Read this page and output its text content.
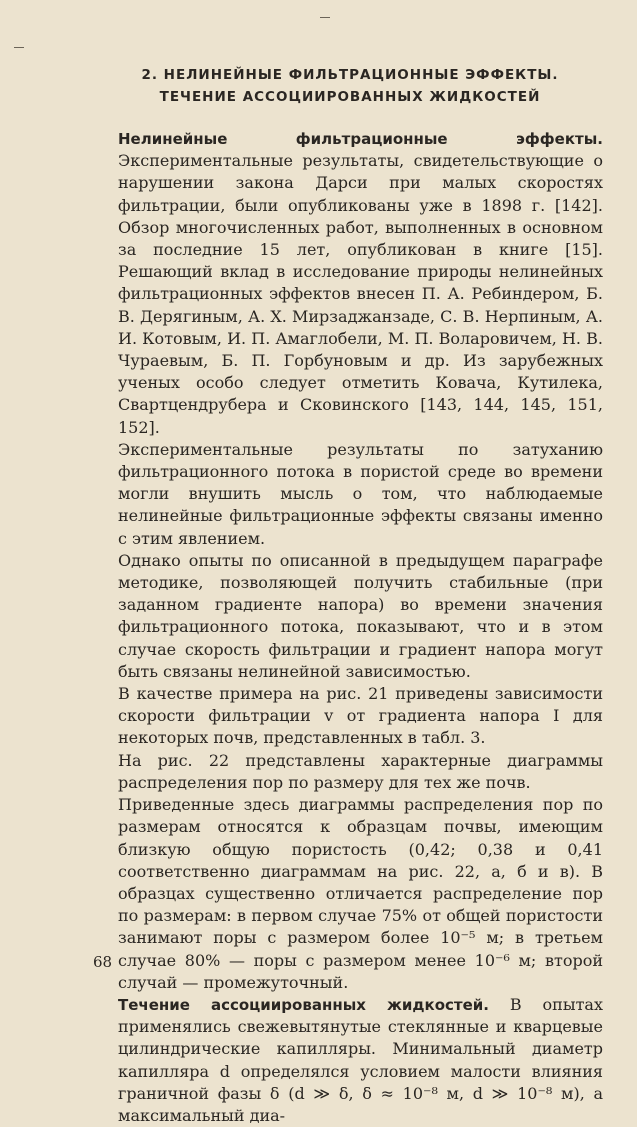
2. НЕЛИНЕЙНЫЕ ФИЛЬТРАЦИОННЫЕ ЭФФЕКТЫ.
ТЕЧЕНИЕ АССОЦИИРОВАННЫХ ЖИДКОСТЕЙ

Нелинейные фильтрационные эффекты. Экспериментальные результаты, свидетельствующие о нарушении закона Дарси при малых скоростях фильтрации, были опубликованы уже в 1898 г. [142]. Обзор многочисленных работ, выполненных в основном за последние 15 лет, опубликован в книге [15]. Решающий вклад в исследование природы нелинейных фильтрационных эффектов внесен П. А. Ребиндером, Б. В. Дерягиным, А. Х. Мирзаджанзаде, С. В. Нерпиным, А. И. Котовым, И. П. Амаглобели, М. П. Воларовичем, Н. В. Чураевым, Б. П. Горбуновым и др. Из зарубежных ученых особо следует отметить Ковача, Кутилека, Свартцендрубера и Сковинского [143, 144, 145, 151, 152].

Экспериментальные результаты по затуханию фильтрационного потока в пористой среде во времени могли внушить мысль о том, что наблюдаемые нелинейные фильтрационные эффекты связаны именно с этим явлением.

Однако опыты по описанной в предыдущем параграфе методике, позволяющей получить стабильные (при заданном градиенте напора) во времени значения фильтрационного потока, показывают, что и в этом случае скорость фильтрации и градиент напора могут быть связаны нелинейной зависимостью.

В качестве примера на рис. 21 приведены зависимости скорости фильтрации v от градиента напора I для некоторых почв, представленных в табл. 3.

На рис. 22 представлены характерные диаграммы распределения пор по размеру для тех же почв.

Приведенные здесь диаграммы распределения пор по размерам относятся к образцам почвы, имеющим близкую общую пористость (0,42; 0,38 и 0,41 соответственно диаграммам на рис. 22, а, б и в). В образцах существенно отличается распределение пор по размерам: в первом случае 75% от общей пористости занимают поры с размером более 10⁻⁵ м; в третьем случае 80% — поры с размером менее 10⁻⁶ м; второй случай — промежуточный.

Течение ассоциированных жидкостей. В опытах применялись свежевытянутые стеклянные и кварцевые цилиндрические капилляры. Минимальный диаметр капилляра d определялся условием малости влияния граничной фазы δ (d ≫ δ, δ ≈ 10⁻⁸ м, d ≫ 10⁻⁸ м), а максимальный диа-

68
